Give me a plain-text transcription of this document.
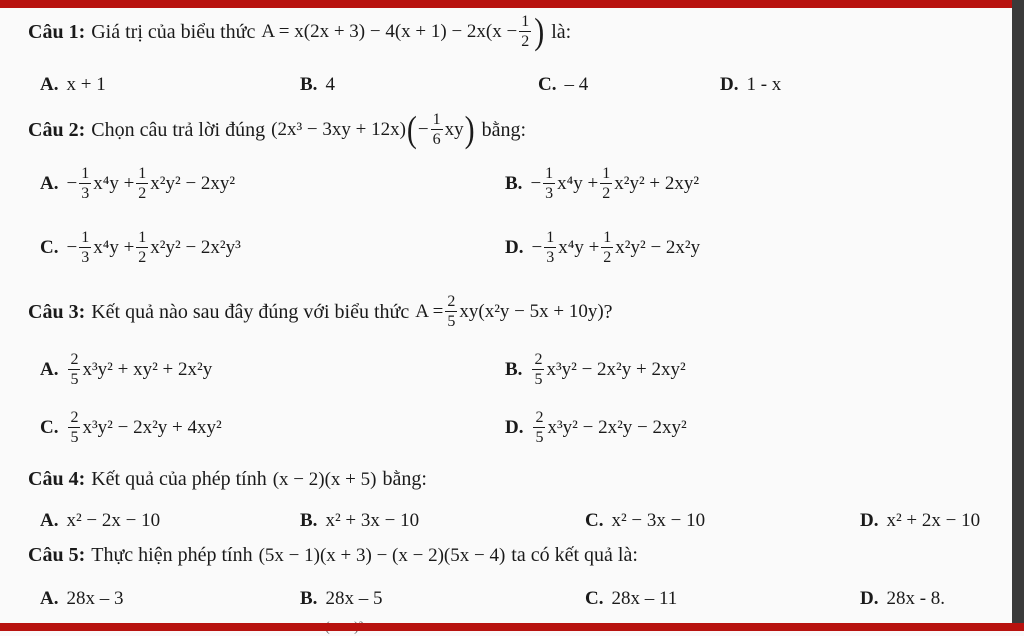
Câu 1: Giá trị của biểu thức $A = x(2x + 3) - 4(x + 1) - 2x(x - \frac{1}{2}$ ) là:
A. x + 1	B. 4	C. – 4	D. 1 - x
Câu 2: Chọn câu trả lời đúng (2x³ − 3xy + 12x) ( − $\frac{1}{6}$ xy ) bằng:
A. − $\frac{1}{3} x^4y + \frac{1}{2} x^2y^2 - 2xy^2$	B. − $\frac{1}{3} x^4y + \frac{1}{2} x^2y^2 + 2xy^2$
C. − $\frac{1}{3} x^4y + \frac{1}{2} x^2y^2 - 2x^2y^3$	D. − $\frac{1}{3} x^4y + \frac{1}{2} x^2y^2 - 2x^2y$
Câu 3: Kết quả nào sau đây đúng với biểu thức $A = \frac{2}{5} xy(x^2y - 5x + 10y)$ ?
A. $\frac{2}{5} x^3y^2 + xy^2 + 2x^2y$	B. $\frac{2}{5} x^3y^2 - 2x^2y + 2xy^2$
C. $\frac{2}{5} x^3y^2 - 2x^2y + 4xy^2$	D. $\frac{2}{5} x^3y^2 - 2x^2y - 2xy^2$
Câu 4: Kết quả của phép tính (x − 2)(x + 5) bằng:
A. x² − 2x − 10	B. x² + 3x − 10	C. x² − 3x − 10	D. x² + 2x − 10
Câu 5: Thực hiện phép tính (5x − 1)(x + 3) − (x − 2)(5x − 4) ta có kết quả là:
A. 28x – 3	B. 28x – 5	C. 28x – 11	D. 28x - 8.
